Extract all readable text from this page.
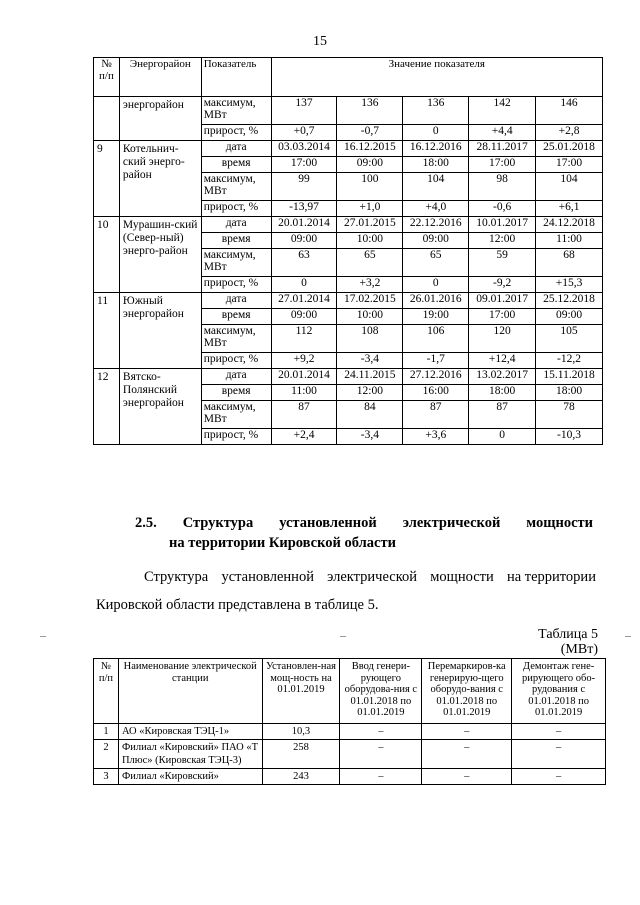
15
№ п/п	Энергорайон	Показатель	Значение показателя				
	энергорайон	максимум, МВт	137	136	136	142	146
		прирост, %	+0,7	-0,7	0	+4,4	+2,8
9	Котельнич-ский энерго-район	дата	03.03.2014	16.12.2015	16.12.2016	28.11.2017	25.01.2018
		время	17:00	09:00	18:00	17:00	17:00
		максимум, МВт	99	100	104	98	104
		прирост, %	-13,97	+1,0	+4,0	-0,6	+6,1
10	Мурашин-ский (Север-ный) энерго-район	дата	20.01.2014	27.01.2015	22.12.2016	10.01.2017	24.12.2018
		время	09:00	10:00	09:00	12:00	11:00
		максимум, МВт	63	65	65	59	68
		прирост, %	0	+3,2	0	-9,2	+15,3
11	Южный энергорайон	дата	27.01.2014	17.02.2015	26.01.2016	09.01.2017	25.12.2018
		время	09:00	10:00	19:00	17:00	09:00
		максимум, МВт	112	108	106	120	105
		прирост, %	+9,2	-3,4	-1,7	+12,4	-12,2
12	Вятско-Полянский энергорайон	дата	20.01.2014	24.11.2015	27.12.2016	13.02.2017	15.11.2018
		время	11:00	12:00	16:00	18:00	18:00
		максимум, МВт	87	84	87	87	78
		прирост, %	+2,4	-3,4	+3,6	0	-10,3
2.5. Структура установленной электрической мощности
на территории Кировской области
Структура установленной электрической мощности на территории
Кировской области представлена в таблице 5.
Таблица 5
(МВт)
–	–	–
№ п/п	Наименование электрической станции	Установлен-ная мощ-ность на 01.01.2019	Ввод генери-рующего оборудова-ния с 01.01.2018 по 01.01.2019	Перемаркиров-ка генерирую-щего оборудо-вания с 01.01.2018 по 01.01.2019	Демонтаж гене-рирующего обо-рудования с 01.01.2018 по 01.01.2019
1	АО «Кировская ТЭЦ-1»	10,3	–	–	–
2	Филиал «Кировский» ПАО «Т Плюс» (Кировская ТЭЦ-3)	258	–	–	–
3	Филиал «Кировский»	243	–	–	–
